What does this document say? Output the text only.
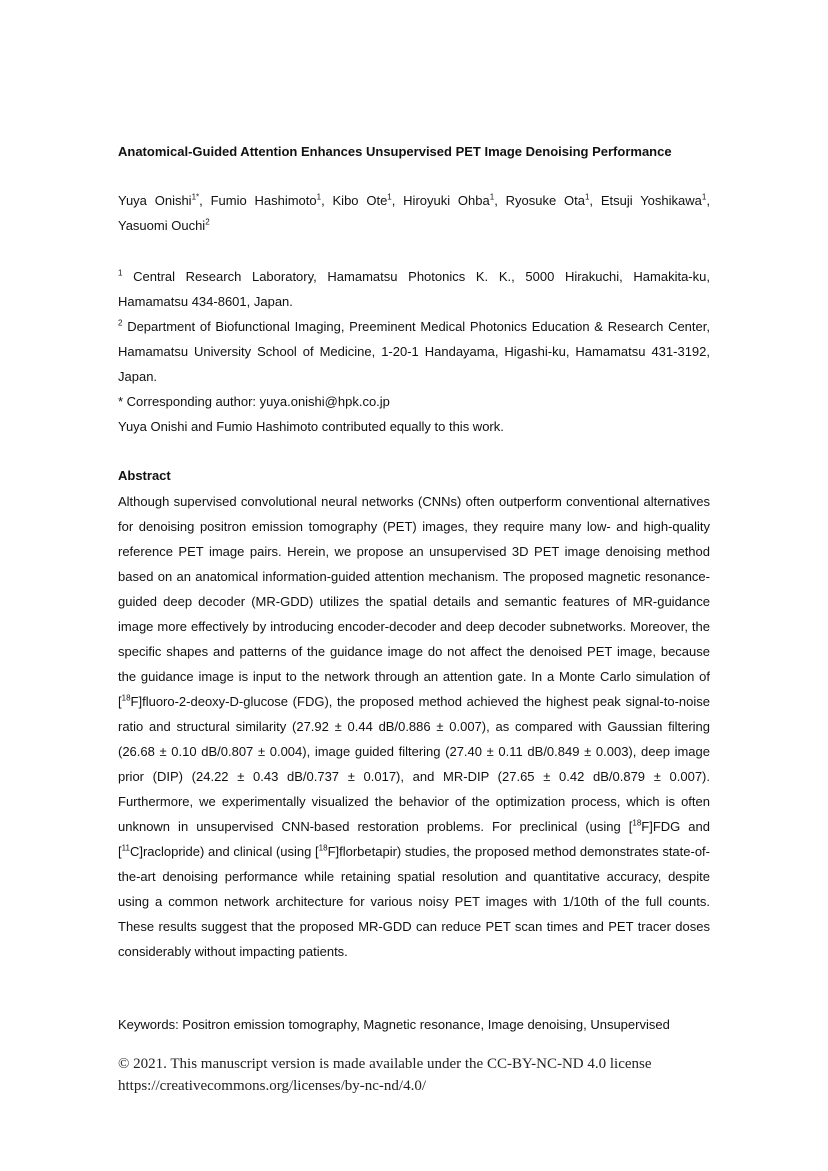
Anatomical-Guided Attention Enhances Unsupervised PET Image Denoising Performance
Yuya Onishi$^{1*}$, Fumio Hashimoto$^1$, Kibo Ote$^1$, Hiroyuki Ohba$^1$, Ryosuke Ota$^1$, Etsuji Yoshikawa$^1$, Yasuomi Ouchi$^2$

$^1$ Central Research Laboratory, Hamamatsu Photonics K. K., 5000 Hirakuchi, Hamakita-ku, Hamamatsu 434-8601, Japan.

$^2$ Department of Biofunctional Imaging, Preeminent Medical Photonics Education & Research Center, Hamamatsu University School of Medicine, 1-20-1 Handayama, Higashi-ku, Hamamatsu 431-3192, Japan.

* Corresponding author: yuya.onishi@hpk.co.jp

Yuya Onishi and Fumio Hashimoto contributed equally to this work.

Abstract
Although supervised convolutional neural networks (CNNs) often outperform conventional alternatives for denoising positron emission tomography (PET) images, they require many low- and high-quality reference PET image pairs. Herein, we propose an unsupervised 3D PET image denoising method based on an anatomical information-guided attention mechanism. The proposed magnetic resonance-guided deep decoder (MR-GDD) utilizes the spatial details and semantic features of MR-guidance image more effectively by introducing encoder-decoder and deep decoder subnetworks. Moreover, the specific shapes and patterns of the guidance image do not affect the denoised PET image, because the guidance image is input to the network through an attention gate. In a Monte Carlo simulation of [$^{18}$F]fluoro-2-deoxy-D-glucose (FDG), the proposed method achieved the highest peak signal-to-noise ratio and structural similarity (27.92 ± 0.44 dB/0.886 ± 0.007), as compared with Gaussian filtering (26.68 ± 0.10 dB/0.807 ± 0.004), image guided filtering (27.40 ± 0.11 dB/0.849 ± 0.003), deep image prior (DIP) (24.22 ± 0.43 dB/0.737 ± 0.017), and MR-DIP (27.65 ± 0.42 dB/0.879 ± 0.007). Furthermore, we experimentally visualized the behavior of the optimization process, which is often unknown in unsupervised CNN-based restoration problems. For preclinical (using [$^{18}$F]FDG and [$^{11}$C]raclopride) and clinical (using [$^{18}$F]florbetapir) studies, the proposed method demonstrates state-of-the-art denoising performance while retaining spatial resolution and quantitative accuracy, despite using a common network architecture for various noisy PET images with 1/10th of the full counts. These results suggest that the proposed MR-GDD can reduce PET scan times and PET tracer doses considerably without impacting patients.
Keywords: Positron emission tomography, Magnetic resonance, Image denoising, Unsupervised
© 2021. This manuscript version is made available under the CC-BY-NC-ND 4.0 license
https://creativecommons.org/licenses/by-nc-nd/4.0/
